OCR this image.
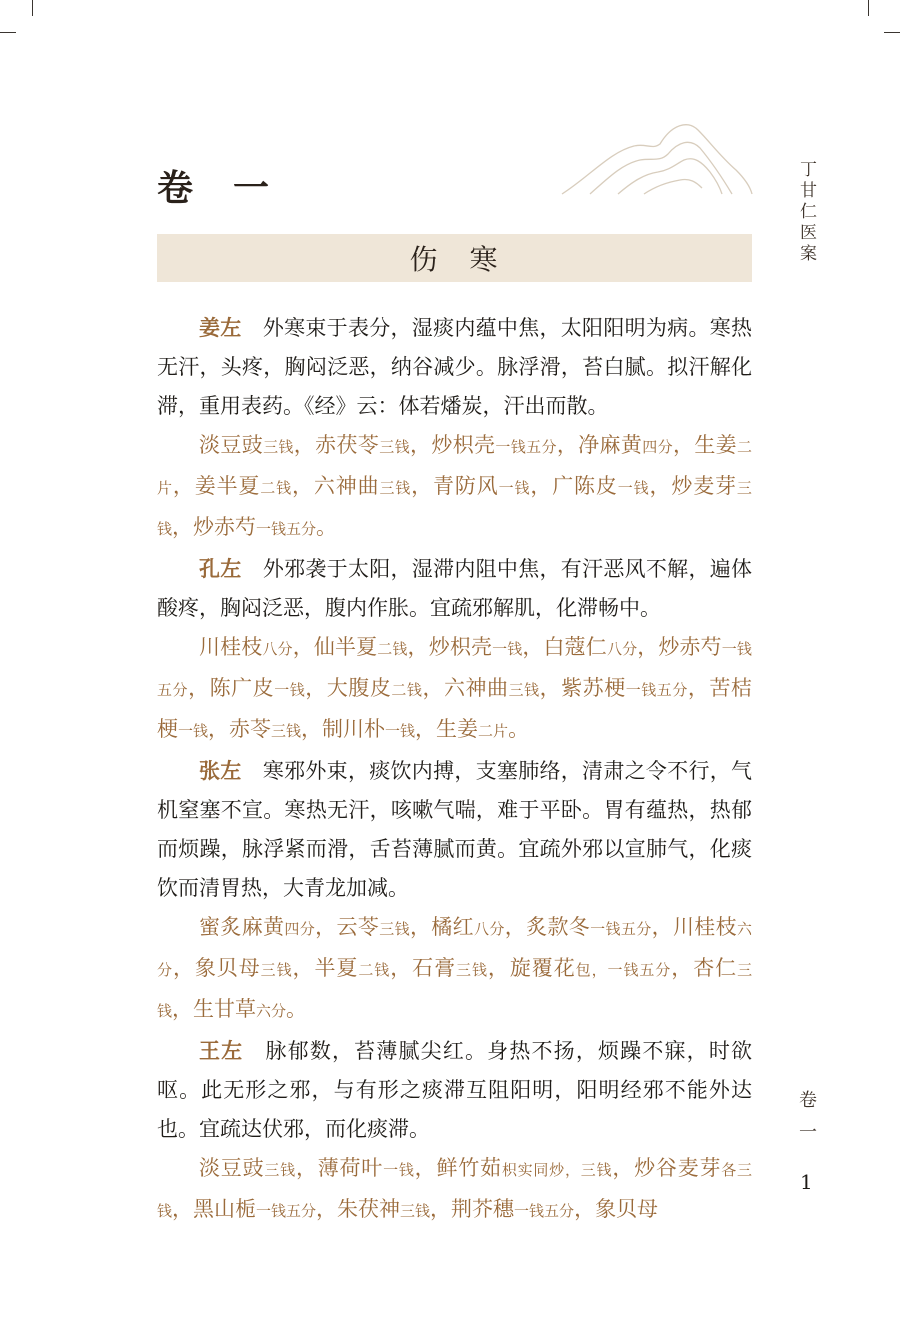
卷　一
伤　寒	丁甘仁医案
卷一
1

姜左 外寒束于表分，湿痰内蕴中焦，太阳阳明为病。寒热无汗，头疼，胸闷泛恶，纳谷减少。脉浮滑，苔白腻。拟汗解化滞，重用表药。《经》云：体若燔炭，汗出而散。

淡豆豉三钱，赤茯苓三钱，炒枳壳一钱五分，净麻黄四分，生姜二片，姜半夏二钱，六神曲三钱，青防风一钱，广陈皮一钱，炒麦芽三钱，炒赤芍一钱五分。

孔左 外邪袭于太阳，湿滞内阻中焦，有汗恶风不解，遍体酸疼，胸闷泛恶，腹内作胀。宜疏邪解肌，化滞畅中。

川桂枝八分，仙半夏二钱，炒枳壳一钱，白蔻仁八分，炒赤芍一钱五分，陈广皮一钱，大腹皮二钱，六神曲三钱，紫苏梗一钱五分，苦桔梗一钱，赤苓三钱，制川朴一钱，生姜二片。

张左 寒邪外束，痰饮内搏，支塞肺络，清肃之令不行，气机窒塞不宣。寒热无汗，咳嗽气喘，难于平卧。胃有蕴热，热郁而烦躁，脉浮紧而滑，舌苔薄腻而黄。宜疏外邪以宣肺气，化痰饮而清胃热，大青龙加减。

蜜炙麻黄四分，云苓三钱，橘红八分，炙款冬一钱五分，川桂枝六分，象贝母三钱，半夏二钱，石膏三钱，旋覆花包，一钱五分，杏仁三钱，生甘草六分。

王左 脉郁数，苔薄腻尖红。身热不扬，烦躁不寐，时欲呕。此无形之邪，与有形之痰滞互阻阳明，阳明经邪不能外达也。宜疏达伏邪，而化痰滞。

淡豆豉三钱，薄荷叶一钱，鲜竹茹枳实同炒，三钱，炒谷麦芽各三钱，黑山栀一钱五分，朱茯神三钱，荆芥穗一钱五分，象贝母
